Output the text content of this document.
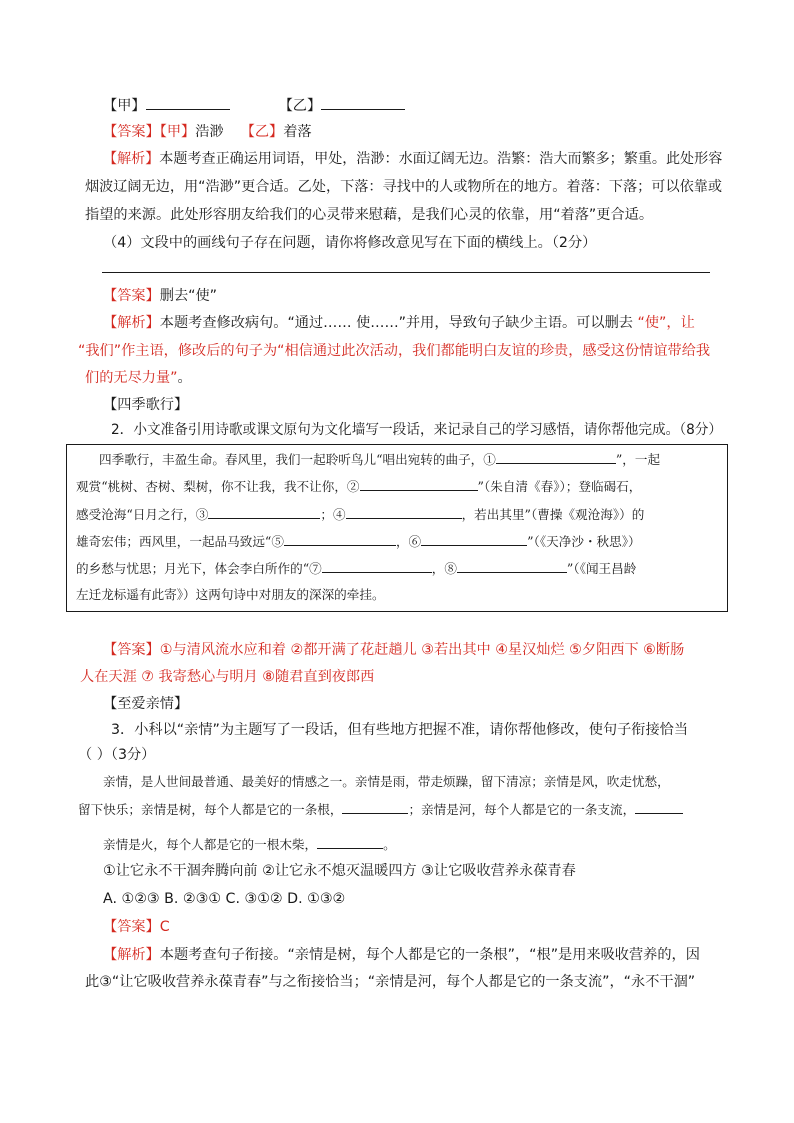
【甲】	【乙】
【答案】【甲】浩渺 【乙】着落
【解析】本题考查正确运用词语，甲处，浩渺：水面辽阔无边。浩繁：浩大而繁多；繁重。此处形容
烟波辽阔无边，用“浩渺”更合适。乙处，下落：寻找中的人或物所在的地方。着落：下落；可以依靠或
指望的来源。此处形容朋友给我们的心灵带来慰藉，是我们心灵的依靠，用“着落”更合适。
（4）文段中的画线句子存在问题，请你将修改意见写在下面的横线上。（2分）
【答案】删去“使”
【解析】本题考查修改病句。“通过…… 使……”并用，导致句子缺少主语。可以删去 “使”，让
“我们”作主语，修改后的句子为“相信通过此次活动，我们都能明白友谊的珍贵，感受这份情谊带给我
们的无尽力量”。
【四季歌行】
2．小文准备引用诗歌或课文原句为文化墙写一段话，来记录自己的学习感悟，请你帮他完成。（8分）
四季歌行，丰盈生命。春风里，我们一起聆听鸟儿“唱出宛转的曲子，①	”，一起
观赏“桃树、杏树、梨树，你不让我，我不让你，②	”（朱自清《春》）；登临碣石，
感受沧海“日月之行，③	；④	，若出其里”（曹操《观沧海》）的
雄奇宏伟；西风里，一起品马致远“⑤	，⑥	”（《天净沙・秋思》）
的乡愁与忧思；月光下，体会李白所作的“⑦	，⑧	”（《闻王昌龄
左迁龙标遥有此寄》）这两句诗中对朋友的深深的牵挂。
【答案】①与清风流水应和着 ②都开满了花赶趟儿 ③若出其中 ④星汉灿烂 ⑤夕阳西下 ⑥断肠
人在天涯 ⑦ 我寄愁心与明月 ⑧随君直到夜郎西
【至爱亲情】
3．小科以“亲情”为主题写了一段话，但有些地方把握不准，请你帮他修改，使句子衔接恰当
（ ）（3分）
亲情，是人世间最普通、最美好的情感之一。亲情是雨，带走烦躁，留下清凉；亲情是风，吹走忧愁，
留下快乐；亲情是树，每个人都是它的一条根，	；亲情是河，每个人都是它的一条支流，
亲情是火，每个人都是它的一根木柴，	。
①让它永不干涸奔腾向前 ②让它永不熄灭温暖四方 ③让它吸收营养永葆青春
A. ①②③ B. ②③① C. ③①② D. ①③②
【答案】C
【解析】本题考查句子衔接。“亲情是树，每个人都是它的一条根”，“根”是用来吸收营养的，因
此③“让它吸收营养永葆青春”与之衔接恰当；“亲情是河，每个人都是它的一条支流”，“永不干涸”
